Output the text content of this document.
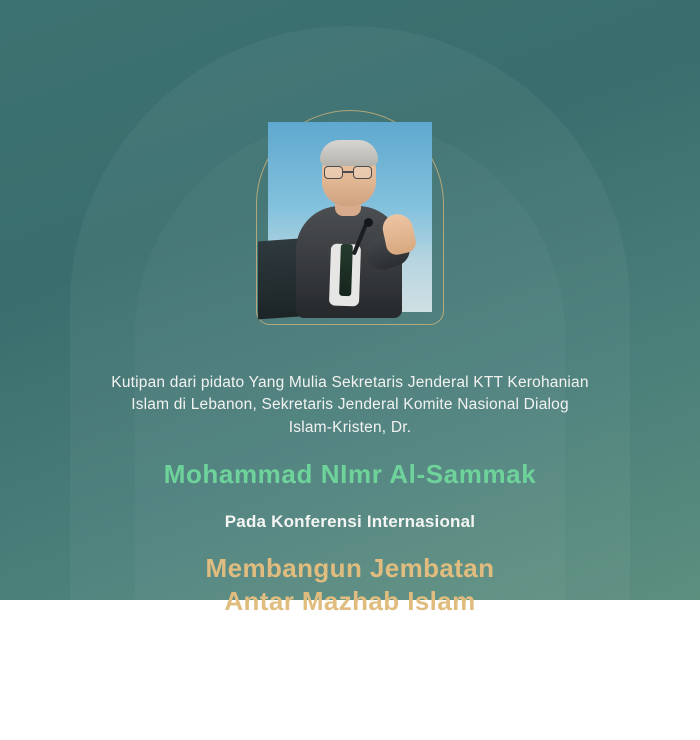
Kutipan dari pidato Yang Mulia Sekretaris Jenderal KTT Kerohanian Islam di Lebanon, Sekretaris Jenderal Komite Nasional Dialog Islam-Kristen, Dr.

Mohammad NImr Al-Sammak

Pada Konferensi Internasional

Membangun Jembatan
Antar Mazhab Islam
